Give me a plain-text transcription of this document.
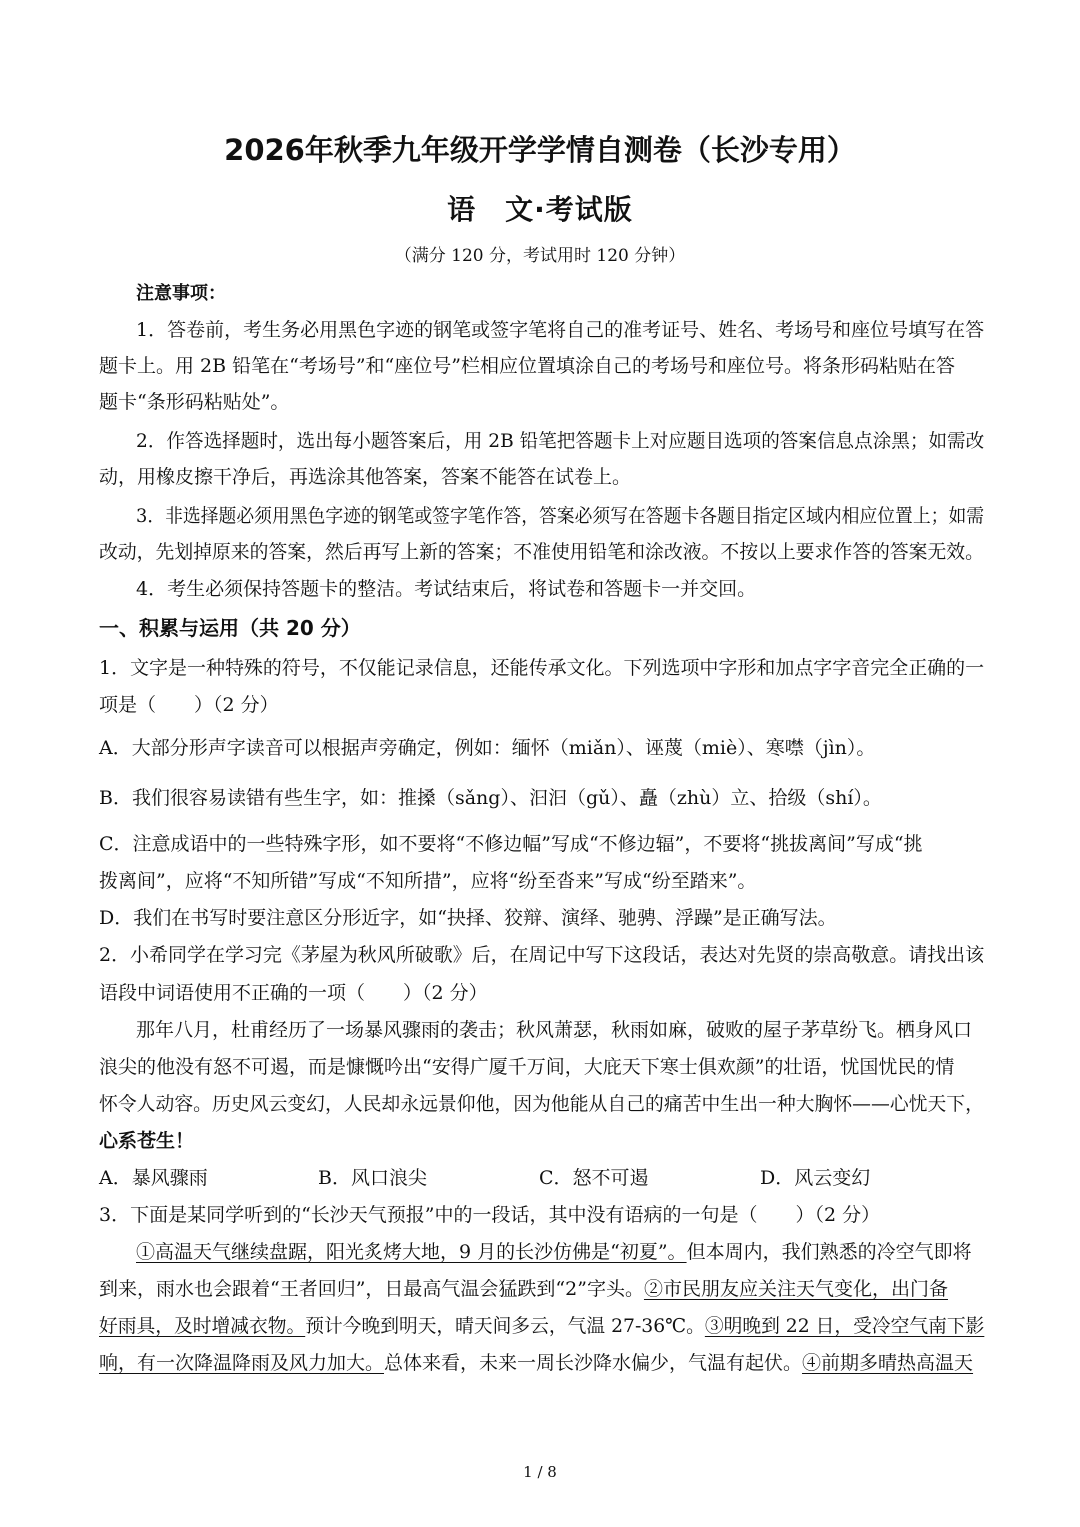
2026年秋季九年级开学学情自测卷（长沙专用）
语　文·考试版
（满分 120 分，考试用时 120 分钟）
注意事项：
1．答卷前，考生务必用黑色字迹的钢笔或签字笔将自己的准考证号、姓名、考场号和座位号填写在答
题卡上。用 2B 铅笔在“考场号”和“座位号”栏相应位置填涂自己的考场号和座位号。将条形码粘贴在答
题卡“条形码粘贴处”。
2．作答选择题时，选出每小题答案后，用 2B 铅笔把答题卡上对应题目选项的答案信息点涂黑；如需改
动，用橡皮擦干净后，再选涂其他答案，答案不能答在试卷上。
3．非选择题必须用黑色字迹的钢笔或签字笔作答，答案必须写在答题卡各题目指定区域内相应位置上；如需
改动，先划掉原来的答案，然后再写上新的答案；不准使用铅笔和涂改液。不按以上要求作答的答案无效。
4．考生必须保持答题卡的整洁。考试结束后，将试卷和答题卡一并交回。
一、积累与运用（共 20 分）
1．文字是一种特殊的符号，不仅能记录信息，还能传承文化。下列选项中字形和加点字字音完全正确的一
项是（　　）（2 分）
A．大部分形声字读音可以根据声旁确定，例如：缅怀（miǎn）、诬蔑（miè）、寒噤（jìn）。
B．我们很容易读错有些生字，如：推搡（sǎng）、汩汩（gǔ）、矗（zhù）立、拾级（shí）。
C．注意成语中的一些特殊字形，如不要将“不修边幅”写成“不修边辐”，不要将“挑拔离间”写成“挑
拨离间”，应将“不知所错”写成“不知所措”，应将“纷至沓来”写成“纷至踏来”。
D．我们在书写时要注意区分形近字，如“抉择、狡辩、演绎、驰骋、浮躁”是正确写法。
2．小希同学在学习完《茅屋为秋风所破歌》后，在周记中写下这段话，表达对先贤的崇高敬意。请找出该
语段中词语使用不正确的一项（　　）（2 分）
那年八月，杜甫经历了一场暴风骤雨的袭击；秋风萧瑟，秋雨如麻，破败的屋子茅草纷飞。栖身风口
浪尖的他没有怒不可遏，而是慷慨吟出“安得广厦千万间，大庇天下寒士俱欢颜”的壮语，忧国忧民的情
怀令人动容。历史风云变幻，人民却永远景仰他，因为他能从自己的痛苦中生出一种大胸怀——心忧天下，
心系苍生！
A．暴风骤雨	B．风口浪尖	C．怒不可遏	D．风云变幻
3．下面是某同学听到的“长沙天气预报”中的一段话，其中没有语病的一句是（　　）（2 分）
①高温天气继续盘踞，阳光炙烤大地，9 月的长沙仿佛是“初夏”。但本周内，我们熟悉的冷空气即将
到来，雨水也会跟着“王者回归”，日最高气温会猛跌到“2”字头。②市民朋友应关注天气变化，出门备
好雨具，及时增减衣物。预计今晚到明天，晴天间多云，气温 27-36℃。③明晚到 22 日，受冷空气南下影
响，有一次降温降雨及风力加大。总体来看，未来一周长沙降水偏少，气温有起伏。④前期多晴热高温天
1 / 8
